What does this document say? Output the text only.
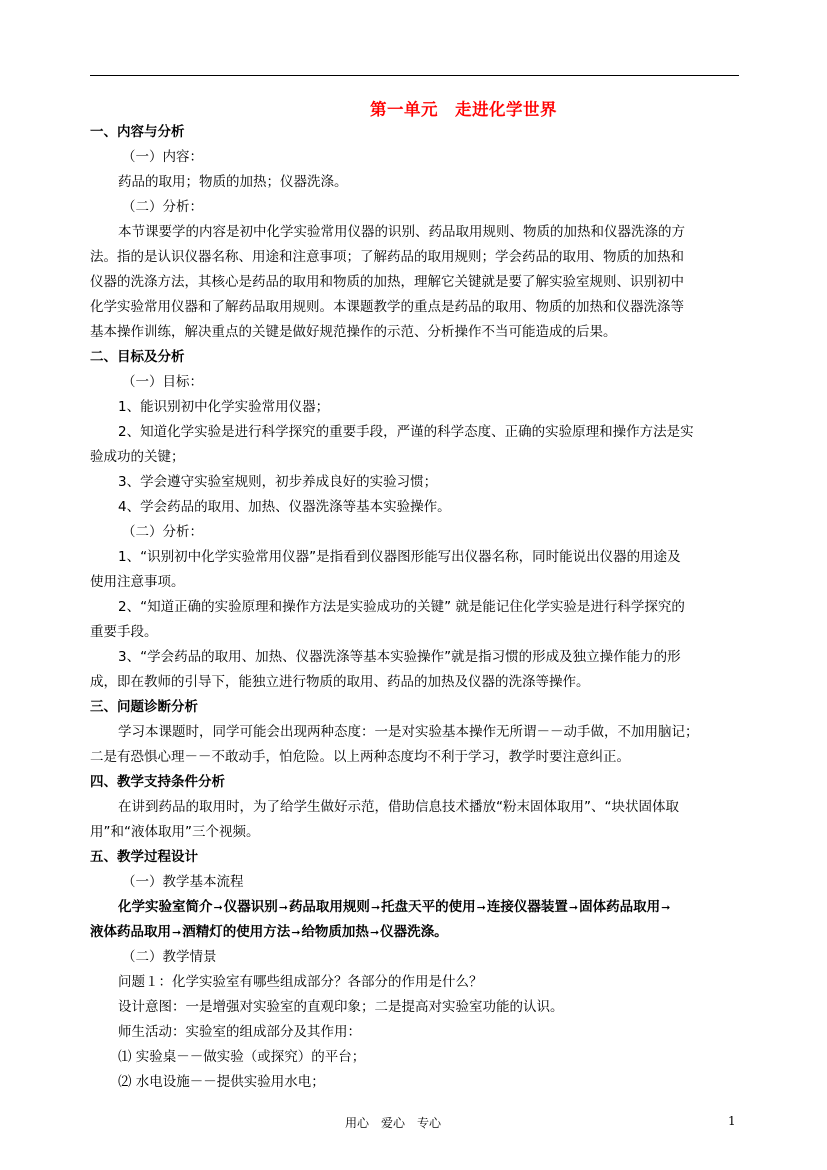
第一单元　走进化学世界
一、内容与分析
（一）内容：
药品的取用；物质的加热；仪器洗涤。
（二）分析：
本节课要学的内容是初中化学实验常用仪器的识别、药品取用规则、物质的加热和仪器洗涤的方
法。指的是认识仪器名称、用途和注意事项；了解药品的取用规则；学会药品的取用、物质的加热和
仪器的洗涤方法，其核心是药品的取用和物质的加热，理解它关键就是要了解实验室规则、识别初中
化学实验常用仪器和了解药品取用规则。本课题教学的重点是药品的取用、物质的加热和仪器洗涤等
基本操作训练，解决重点的关键是做好规范操作的示范、分析操作不当可能造成的后果。
二、目标及分析
（一）目标：
1、能识别初中化学实验常用仪器；
2、知道化学实验是进行科学探究的重要手段，严谨的科学态度、正确的实验原理和操作方法是实
验成功的关键；
3、学会遵守实验室规则，初步养成良好的实验习惯；
4、学会药品的取用、加热、仪器洗涤等基本实验操作。
（二）分析：
1、“识别初中化学实验常用仪器”是指看到仪器图形能写出仪器名称，同时能说出仪器的用途及
使用注意事项。
2、“知道正确的实验原理和操作方法是实验成功的关键” 就是能记住化学实验是进行科学探究的
重要手段。
3、“学会药品的取用、加热、仪器洗涤等基本实验操作”就是指习惯的形成及独立操作能力的形
成，即在教师的引导下，能独立进行物质的取用、药品的加热及仪器的洗涤等操作。
三、问题诊断分析
学习本课题时，同学可能会出现两种态度：一是对实验基本操作无所谓－－动手做，不加用脑记；
二是有恐惧心理－－不敢动手，怕危险。以上两种态度均不利于学习，教学时要注意纠正。
四、教学支持条件分析
在讲到药品的取用时，为了给学生做好示范，借助信息技术播放“粉末固体取用”、“块状固体取
用”和“液体取用”三个视频。
五、教学过程设计
（一）教学基本流程
化学实验室简介➞仪器识别➞药品取用规则➞托盘天平的使用➞连接仪器装置➞固体药品取用➞
液体药品取用➞酒精灯的使用方法➞给物质加热➞仪器洗涤。
（二）教学情景
问题１：化学实验室有哪些组成部分？各部分的作用是什么？
设计意图：一是增强对实验室的直观印象；二是提高对实验室功能的认识。
师生活动：实验室的组成部分及其作用：
⑴ 实验桌－－做实验（或探究）的平台；
⑵ 水电设施－－提供实验用水电；
用心　爱心　专心	1
